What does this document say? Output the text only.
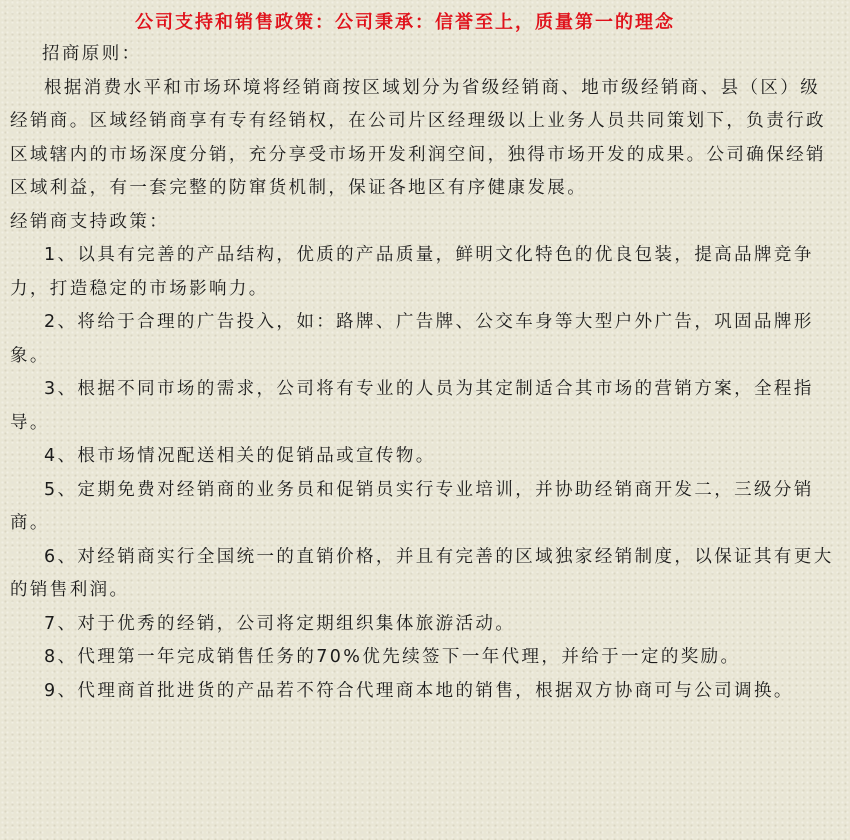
公司支持和销售政策：公司秉承：信誉至上，质量第一的理念
招商原则：

根据消费水平和市场环境将经销商按区域划分为省级经销商、地市级经销商、县（区）级经销商。区域经销商享有专有经销权，在公司片区经理级以上业务人员共同策划下，负责行政区域辖内的市场深度分销，充分享受市场开发利润空间，独得市场开发的成果。公司确保经销区域利益，有一套完整的防窜货机制，保证各地区有序健康发展。

经销商支持政策：

1、以具有完善的产品结构，优质的产品质量，鲜明文化特色的优良包装，提高品牌竞争力，打造稳定的市场影响力。

2、将给于合理的广告投入，如：路牌、广告牌、公交车身等大型户外广告，巩固品牌形象。

3、根据不同市场的需求，公司将有专业的人员为其定制适合其市场的营销方案，全程指导。

4、根市场情况配送相关的促销品或宣传物。

5、定期免费对经销商的业务员和促销员实行专业培训，并协助经销商开发二，三级分销商。

6、对经销商实行全国统一的直销价格，并且有完善的区域独家经销制度，以保证其有更大的销售利润。

7、对于优秀的经销，公司将定期组织集体旅游活动。

8、代理第一年完成销售任务的70%优先续签下一年代理，并给于一定的奖励。

9、代理商首批进货的产品若不符合代理商本地的销售，根据双方协商可与公司调换。
